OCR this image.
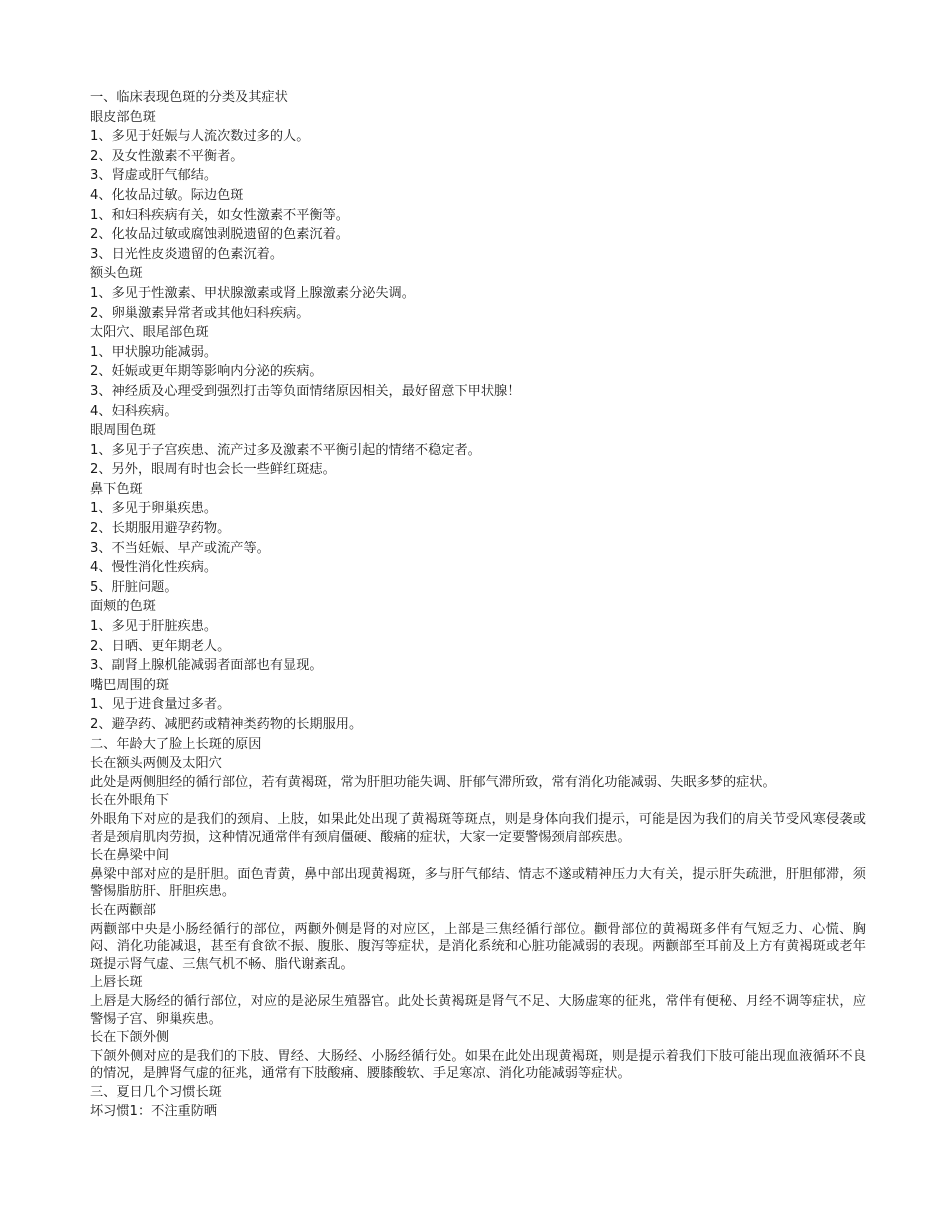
一、临床表现色斑的分类及其症状
眼皮部色斑
1、多见于妊娠与人流次数过多的人。
2、及女性激素不平衡者。
3、肾虚或肝气郁结。
4、化妆品过敏。际边色斑
1、和妇科疾病有关，如女性激素不平衡等。
2、化妆品过敏或腐蚀剥脱遗留的色素沉着。
3、日光性皮炎遗留的色素沉着。
额头色斑
1、多见于性激素、甲状腺激素或肾上腺激素分泌失调。
2、卵巢激素异常者或其他妇科疾病。
太阳穴、眼尾部色斑
1、甲状腺功能减弱。
2、妊娠或更年期等影响内分泌的疾病。
3、神经质及心理受到强烈打击等负面情绪原因相关，最好留意下甲状腺！
4、妇科疾病。
眼周围色斑
1、多见于子宫疾患、流产过多及激素不平衡引起的情绪不稳定者。
2、另外，眼周有时也会长一些鲜红斑痣。
鼻下色斑
1、多见于卵巢疾患。
2、长期服用避孕药物。
3、不当妊娠、早产或流产等。
4、慢性消化性疾病。
5、肝脏问题。
面颊的色斑
1、多见于肝脏疾患。
2、日晒、更年期老人。
3、副肾上腺机能减弱者面部也有显现。
嘴巴周围的斑
1、见于进食量过多者。
2、避孕药、减肥药或精神类药物的长期服用。
二、年龄大了脸上长斑的原因
长在额头两侧及太阳穴
此处是两侧胆经的循行部位，若有黄褐斑，常为肝胆功能失调、肝郁气滞所致，常有消化功能减弱、失眠多梦的症状。
长在外眼角下
外眼角下对应的是我们的颈肩、上肢，如果此处出现了黄褐斑等斑点，则是身体向我们提示，可能是因为我们的肩关节受风寒侵袭或者是颈肩肌肉劳损，这种情况通常伴有颈肩僵硬、酸痛的症状，大家一定要警惕颈肩部疾患。
长在鼻梁中间
鼻梁中部对应的是肝胆。面色青黄，鼻中部出现黄褐斑，多与肝气郁结、情志不遂或精神压力大有关，提示肝失疏泄，肝胆郁滞，须警惕脂肪肝、肝胆疾患。
长在两颧部
两颧部中央是小肠经循行的部位，两颧外侧是肾的对应区，上部是三焦经循行部位。颧骨部位的黄褐斑多伴有气短乏力、心慌、胸闷、消化功能减退，甚至有食欲不振、腹胀、腹泻等症状，是消化系统和心脏功能减弱的表现。两颧部至耳前及上方有黄褐斑或老年斑提示肾气虚、三焦气机不畅、脂代谢紊乱。
上唇长斑
上唇是大肠经的循行部位，对应的是泌尿生殖器官。此处长黄褐斑是肾气不足、大肠虚寒的征兆，常伴有便秘、月经不调等症状，应警惕子宫、卵巢疾患。
长在下颌外侧
下颌外侧对应的是我们的下肢、胃经、大肠经、小肠经循行处。如果在此处出现黄褐斑，则是提示着我们下肢可能出现血液循环不良的情况，是脾肾气虚的征兆，通常有下肢酸痛、腰膝酸软、手足寒凉、消化功能减弱等症状。
三、夏日几个习惯长斑
坏习惯1：不注重防晒
